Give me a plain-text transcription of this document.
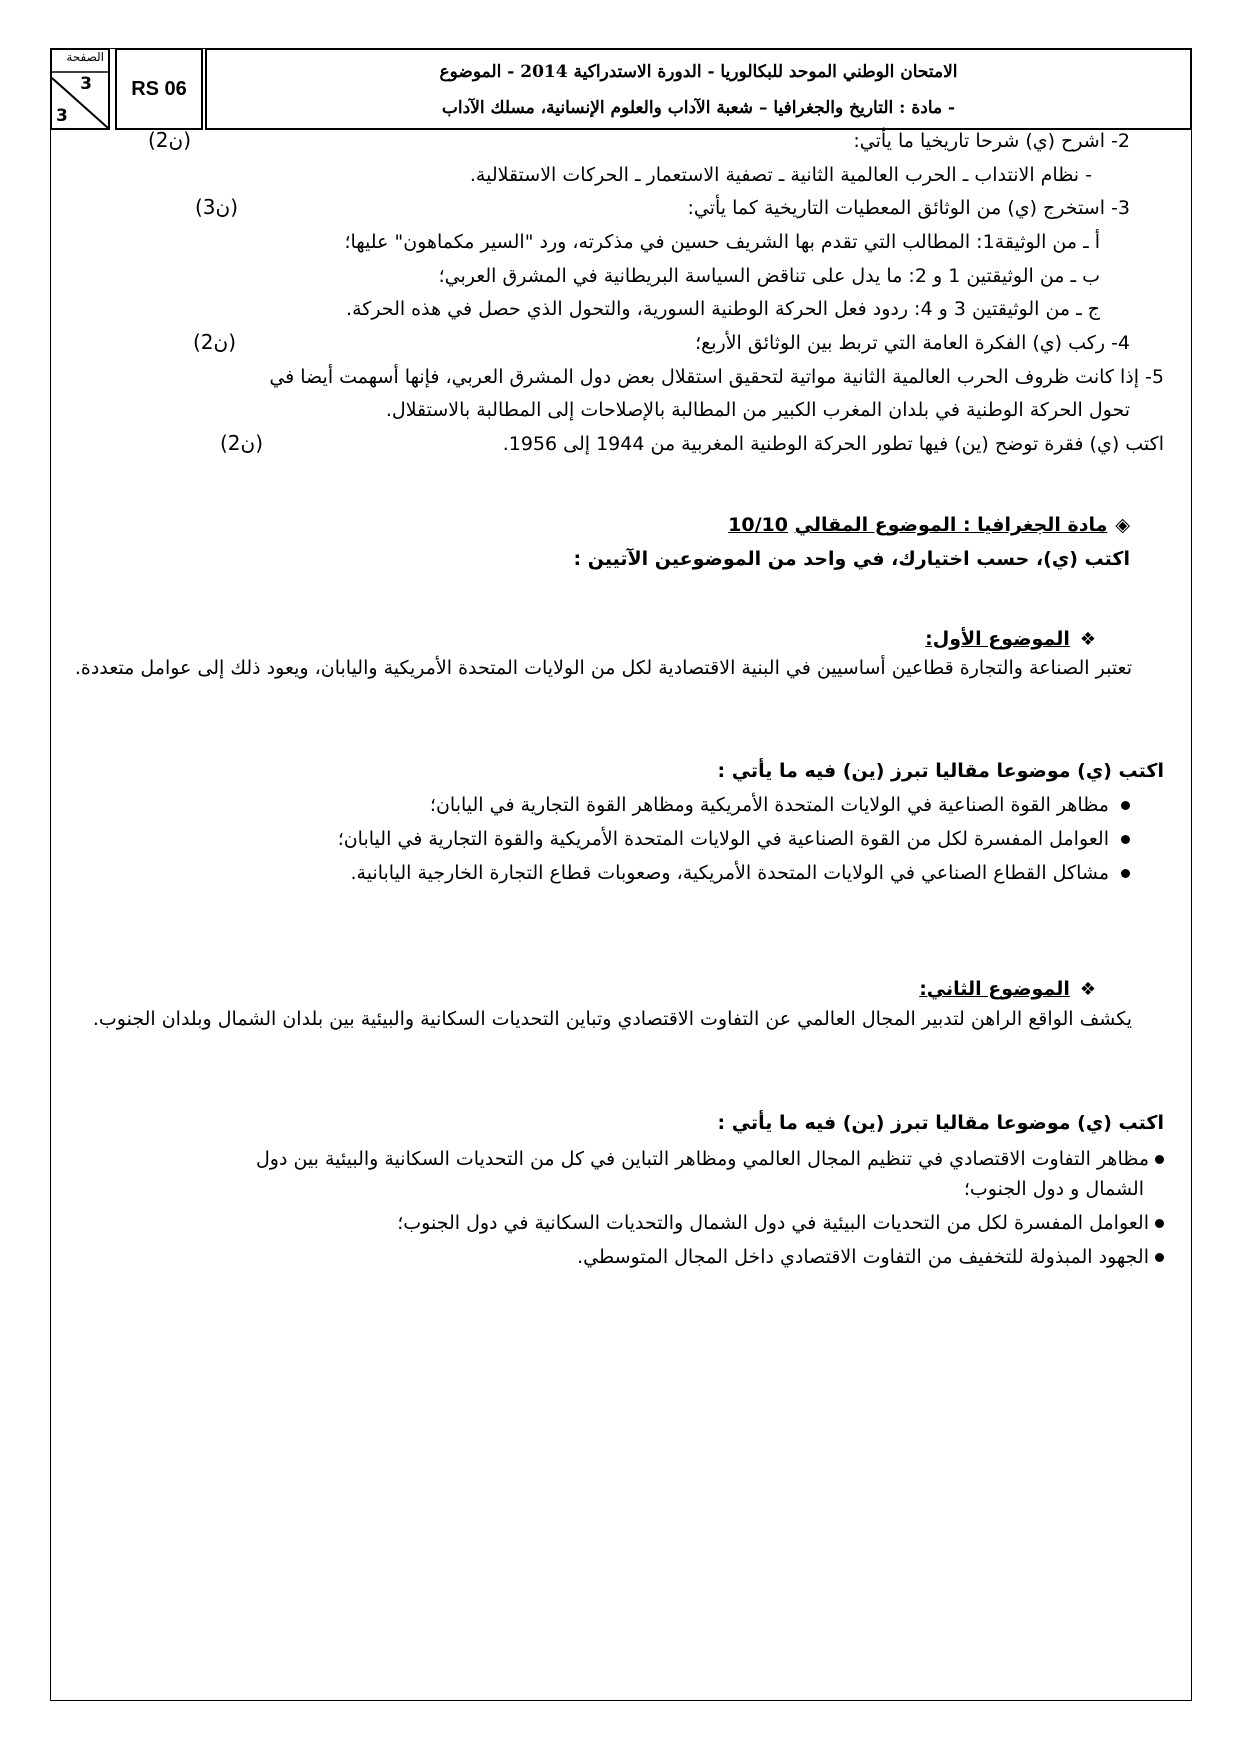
الصفحة
3
3
RS 06
الامتحان الوطني الموحد للبكالوريا - الدورة الاستدراكية 2014 - الموضوع
- مادة : التاريخ والجغرافيا – شعبة الآداب والعلوم الإنسانية، مسلك الآداب
2- اشرح (ي) شرحا تاريخيا ما يأتي:
(2ن)
- نظام الانتداب ـ الحرب العالمية الثانية ـ تصفية الاستعمار ـ الحركات الاستقلالية.
3- استخرج (ي) من الوثائق المعطيات التاريخية كما يأتي:
(3ن)
أ ـ من الوثيقة1: المطالب التي تقدم بها الشريف حسين في مذكرته، ورد "السير مكماهون" عليها؛
ب ـ من الوثيقتين 1 و 2: ما يدل على تناقض السياسة البريطانية في المشرق العربي؛
ج ـ من الوثيقتين 3 و 4: ردود فعل الحركة الوطنية السورية، والتحول الذي حصل في هذه الحركة.
4- ركب (ي) الفكرة العامة التي تربط بين الوثائق الأربع؛
(2ن)
5- إذا كانت ظروف الحرب العالمية الثانية مواتية لتحقيق استقلال بعض دول المشرق العربي، فإنها أسهمت أيضا في
تحول الحركة الوطنية في بلدان المغرب الكبير من المطالبة بالإصلاحات إلى المطالبة بالاستقلال.
اكتب (ي) فقرة توضح (ين) فيها تطور الحركة الوطنية المغربية من 1944 إلى 1956.
(2ن)
◈مادة الجغرافيا : الموضوع المقالي 10/10
اكتب (ي)، حسب اختيارك، في واحد من الموضوعين الآتيين :
❖الموضوع الأول:
تعتبر الصناعة والتجارة قطاعين أساسيين في البنية الاقتصادية لكل من الولايات المتحدة الأمريكية واليابان، ويعود ذلك إلى عوامل متعددة.
اكتب (ي) موضوعا مقاليا تبرز (ين) فيه ما يأتي :
مظاهر القوة الصناعية في الولايات المتحدة الأمريكية ومظاهر القوة التجارية في اليابان؛
العوامل المفسرة لكل من القوة الصناعية في الولايات المتحدة الأمريكية والقوة التجارية في اليابان؛
مشاكل القطاع الصناعي في الولايات المتحدة الأمريكية، وصعوبات قطاع التجارة الخارجية اليابانية.
❖الموضوع الثاني:
يكشف الواقع الراهن لتدبير المجال العالمي عن التفاوت الاقتصادي وتباين التحديات السكانية والبيئية بين بلدان الشمال وبلدان الجنوب.
اكتب (ي) موضوعا مقاليا تبرز (ين) فيه ما يأتي :
مظاهر التفاوت الاقتصادي في تنظيم المجال العالمي ومظاهر التباين في كل من التحديات السكانية والبيئية بين دول
الشمال و دول الجنوب؛
العوامل المفسرة لكل من التحديات البيئية في دول الشمال والتحديات السكانية في دول الجنوب؛
الجهود المبذولة للتخفيف من التفاوت الاقتصادي داخل المجال المتوسطي.
